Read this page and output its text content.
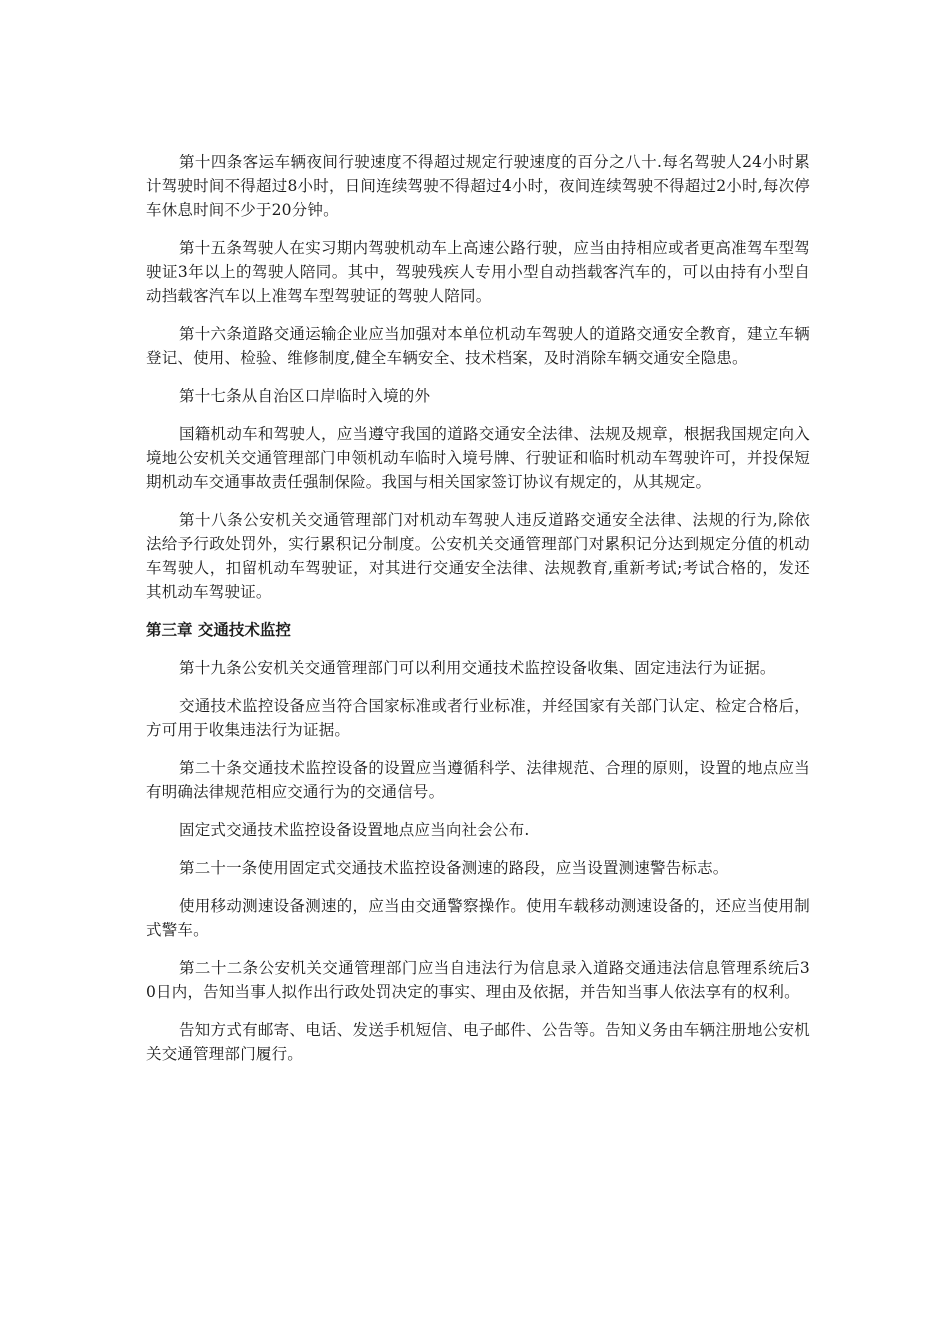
第十四条客运车辆夜间行驶速度不得超过规定行驶速度的百分之八十.每名驾驶人24小时累计驾驶时间不得超过8小时，日间连续驾驶不得超过4小时，夜间连续驾驶不得超过2小时,每次停车休息时间不少于20分钟。

第十五条驾驶人在实习期内驾驶机动车上高速公路行驶，应当由持相应或者更高准驾车型驾驶证3年以上的驾驶人陪同。其中，驾驶残疾人专用小型自动挡载客汽车的，可以由持有小型自动挡载客汽车以上准驾车型驾驶证的驾驶人陪同。

第十六条道路交通运输企业应当加强对本单位机动车驾驶人的道路交通安全教育，建立车辆登记、使用、检验、维修制度,健全车辆安全、技术档案，及时消除车辆交通安全隐患。

第十七条从自治区口岸临时入境的外

国籍机动车和驾驶人，应当遵守我国的道路交通安全法律、法规及规章，根据我国规定向入境地公安机关交通管理部门申领机动车临时入境号牌、行驶证和临时机动车驾驶许可，并投保短期机动车交通事故责任强制保险。我国与相关国家签订协议有规定的，从其规定。

第十八条公安机关交通管理部门对机动车驾驶人违反道路交通安全法律、法规的行为,除依法给予行政处罚外，实行累积记分制度。公安机关交通管理部门对累积记分达到规定分值的机动车驾驶人，扣留机动车驾驶证，对其进行交通安全法律、法规教育,重新考试;考试合格的，发还其机动车驾驶证。

第三章 交通技术监控

第十九条公安机关交通管理部门可以利用交通技术监控设备收集、固定违法行为证据。

交通技术监控设备应当符合国家标准或者行业标准，并经国家有关部门认定、检定合格后，方可用于收集违法行为证据。

第二十条交通技术监控设备的设置应当遵循科学、法律规范、合理的原则，设置的地点应当有明确法律规范相应交通行为的交通信号。

固定式交通技术监控设备设置地点应当向社会公布.

第二十一条使用固定式交通技术监控设备测速的路段，应当设置测速警告标志。

使用移动测速设备测速的，应当由交通警察操作。使用车载移动测速设备的，还应当使用制式警车。

第二十二条公安机关交通管理部门应当自违法行为信息录入道路交通违法信息管理系统后30日内，告知当事人拟作出行政处罚决定的事实、理由及依据，并告知当事人依法享有的权利。

告知方式有邮寄、电话、发送手机短信、电子邮件、公告等。告知义务由车辆注册地公安机关交通管理部门履行。
